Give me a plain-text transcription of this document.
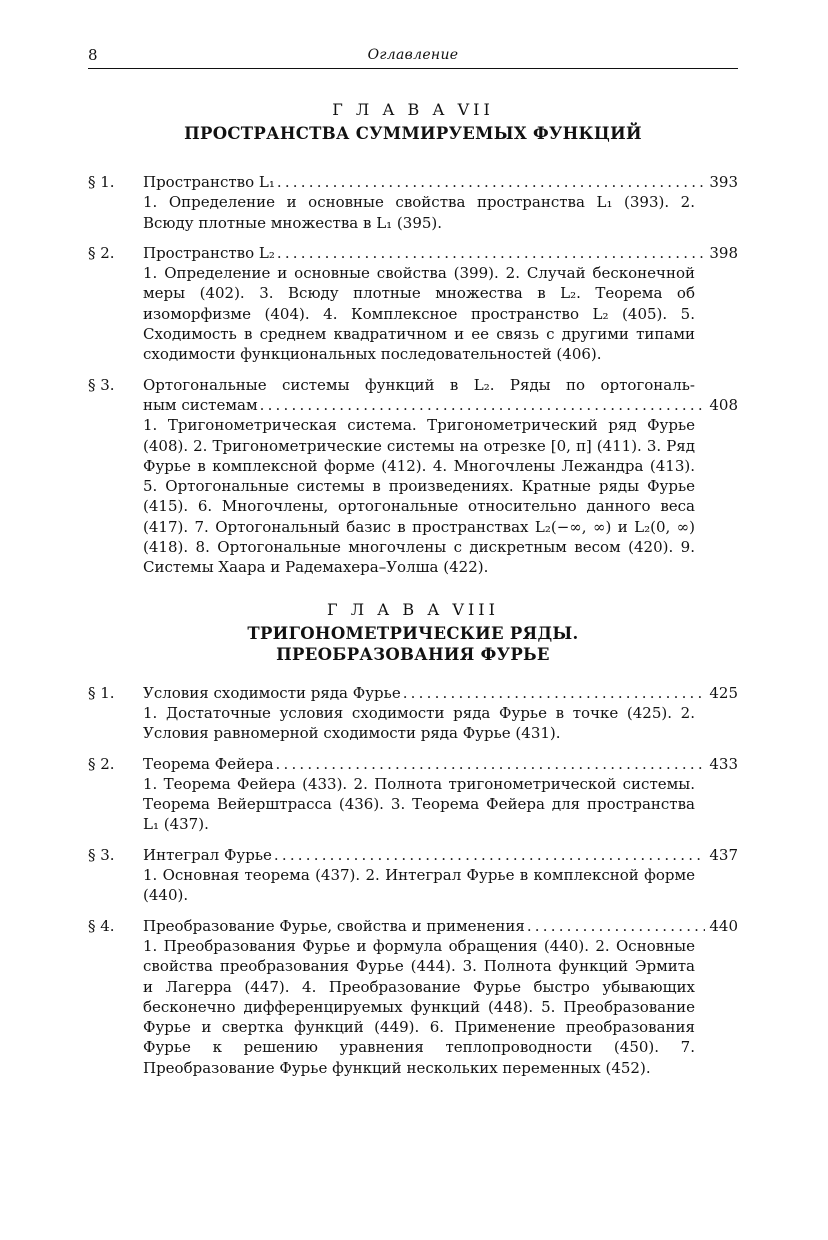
8	Оглавление
Г Л А В А VII
ПРОСТРАНСТВА СУММИРУЕМЫХ ФУНКЦИЙ
§ 1. Пространство L₁ .....	393
1. Определение и основные свойства пространства L₁ (393). 2. Всюду плотные множества в L₁ (395).
§ 2. Пространство L₂ .....	398
1. Определение и основные свойства (399). 2. Случай бесконечной меры (402). 3. Всюду плотные множества в L₂. Теорема об изоморфизме (404). 4. Комплексное пространство L₂ (405). 5. Сходимость в среднем квадратичном и ее связь с другими типами сходимости функциональных последовательностей (406).
§ 3. Ортогональные системы функций в L₂. Ряды по ортогональ-
ным системам .....	408
1. Тригонометрическая система. Тригонометрический ряд Фурье (408). 2. Тригонометрические системы на отрезке [0, π] (411). 3. Ряд Фурье в комплексной форме (412). 4. Многочлены Лежандра (413). 5. Ортогональные системы в произведениях. Кратные ряды Фурье (415). 6. Многочлены, ортогональные относительно данного веса (417). 7. Ортогональный базис в пространствах L₂(−∞, ∞) и L₂(0, ∞) (418). 8. Ортогональные многочлены с дискретным весом (420). 9. Системы Хаара и Радемахера–Уолша (422).
Г Л А В А VIII
ТРИГОНОМЕТРИЧЕСКИЕ РЯДЫ.
ПРЕОБРАЗОВАНИЯ ФУРЬЕ
§ 1. Условия сходимости ряда Фурье .....	425
1. Достаточные условия сходимости ряда Фурье в точке (425). 2. Условия равномерной сходимости ряда Фурье (431).
§ 2. Теорема Фейера .....	433
1. Теорема Фейера (433). 2. Полнота тригонометрической системы. Теорема Вейерштрасса (436). 3. Теорема Фейера для пространства L₁ (437).
§ 3. Интеграл Фурье .....	437
1. Основная теорема (437). 2. Интеграл Фурье в комплексной форме (440).
§ 4. Преобразование Фурье, свойства и применения .....	440
1. Преобразования Фурье и формула обращения (440). 2. Основные свойства преобразования Фурье (444). 3. Полнота функций Эрмита и Лагерра (447). 4. Преобразование Фурье быстро убывающих бесконечно дифференцируемых функций (448). 5. Преобразование Фурье и свертка функций (449). 6. Применение преобразования Фурье к решению уравнения теплопроводности (450). 7. Преобразование Фурье функций нескольких переменных (452).
